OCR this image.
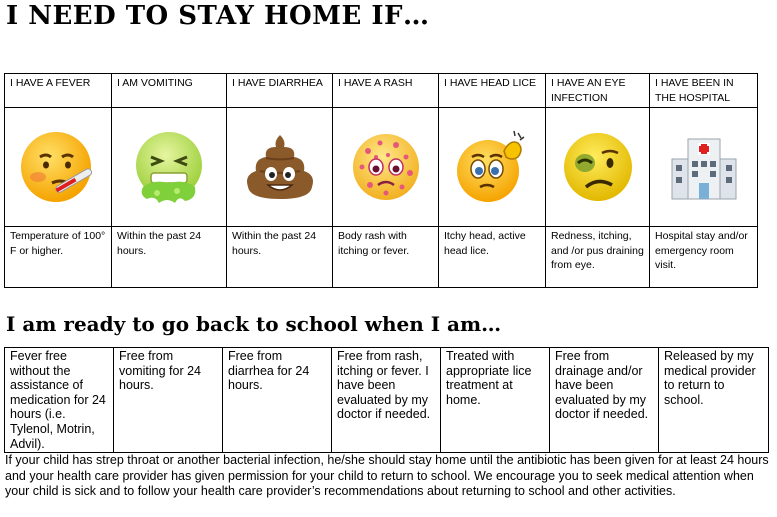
I NEED TO STAY HOME IF…
I HAVE A FEVER	I AM VOMITING	I HAVE DIARRHEA	I HAVE A RASH	I HAVE HEAD LICE	I HAVE AN EYE INFECTION	I HAVE BEEN IN THE HOSPITAL

Temperature of 100° F or higher.	Within the past 24 hours.	Within the past 24 hours.	Body rash with itching or fever.	Itchy head, active head lice.	Redness, itching, and /or pus draining from eye.	Hospital stay and/or emergency room visit.
I am ready to go back to school when I am…
Fever free without the assistance of medication for 24 hours (i.e. Tylenol, Motrin, Advil).	Free from vomiting for 24 hours.	Free from diarrhea for 24 hours.	Free from rash, itching or fever. I have been evaluated by my doctor if needed.	Treated with appropriate lice treatment at home.	Free from drainage and/or have been evaluated by my doctor if needed.	Released by my medical provider to return to school.
If your child has strep throat or another bacterial infection, he/she should stay home until the antibiotic has been given for at least 24 hours and your health care provider has given permission for your child to return to school. We encourage you to seek medical attention when your child is sick and to follow your health care provider’s recommendations about returning to school and other activities.
